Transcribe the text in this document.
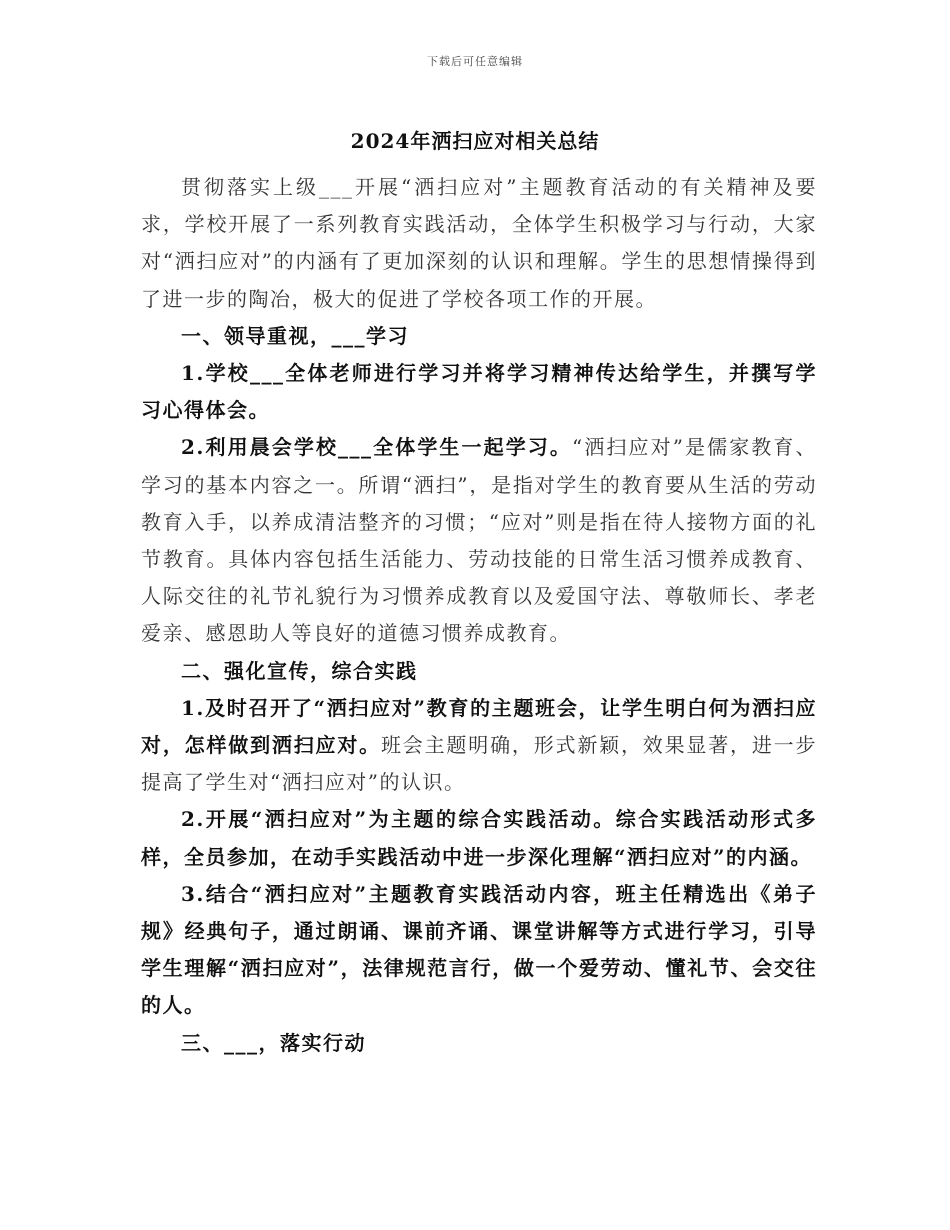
下载后可任意编辑
2024年洒扫应对相关总结

贯彻落实上级___开展“洒扫应对”主题教育活动的有关精神及要求，学校开展了一系列教育实践活动，全体学生积极学习与行动，大家对“洒扫应对”的内涵有了更加深刻的认识和理解。学生的思想情操得到了进一步的陶冶，极大的促进了学校各项工作的开展。

一、领导重视，___学习

1.学校___全体老师进行学习并将学习精神传达给学生，并撰写学习心得体会。

2.利用晨会学校___全体学生一起学习。“洒扫应对”是儒家教育、学习的基本内容之一。所谓“洒扫”，是指对学生的教育要从生活的劳动教育入手，以养成清洁整齐的习惯；“应对”则是指在待人接物方面的礼节教育。具体内容包括生活能力、劳动技能的日常生活习惯养成教育、人际交往的礼节礼貌行为习惯养成教育以及爱国守法、尊敬师长、孝老爱亲、感恩助人等良好的道德习惯养成教育。

二、强化宣传，综合实践

1.及时召开了“洒扫应对”教育的主题班会，让学生明白何为洒扫应对，怎样做到洒扫应对。班会主题明确，形式新颖，效果显著，进一步提高了学生对“洒扫应对”的认识。

2.开展“洒扫应对”为主题的综合实践活动。综合实践活动形式多样，全员参加，在动手实践活动中进一步深化理解“洒扫应对”的内涵。

3.结合“洒扫应对”主题教育实践活动内容，班主任精选出《弟子规》经典句子，通过朗诵、课前齐诵、课堂讲解等方式进行学习，引导学生理解“洒扫应对”，法律规范言行，做一个爱劳动、懂礼节、会交往的人。

三、___，落实行动
